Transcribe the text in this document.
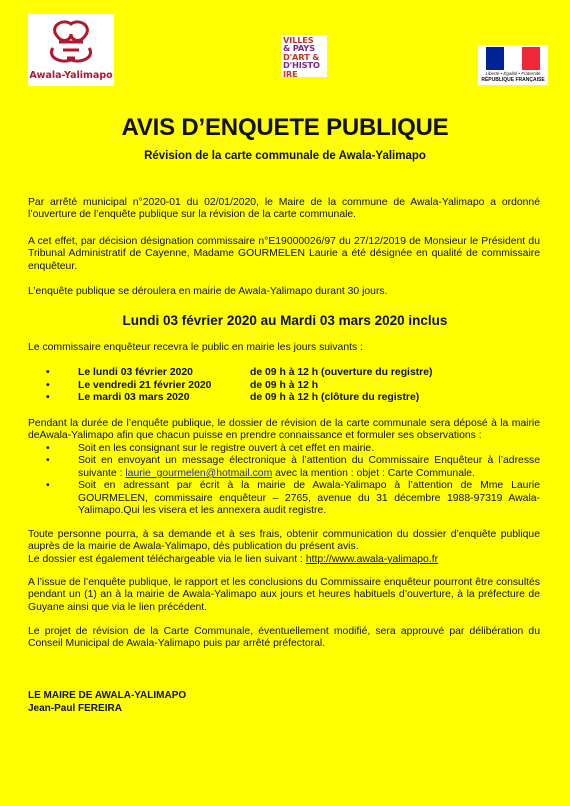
Awala-Yalimapo
VILLES
& PAYS
D'ART &
D'HISTO
IRE	Liberté • Égalité • Fraternité
RÉPUBLIQUE FRANÇAISE
AVIS D’ENQUETE PUBLIQUE
Révision de la carte communale de Awala-Yalimapo

Par arrêté municipal n°2020-01 du 02/01/2020, le Maire de la commune de Awala-Yalimapo a ordonné l’ouverture de l’enquête publique sur la révision de la carte communale.

A cet effet, par décision désignation commissaire n°E19000026/97 du 27/12/2019 de Monsieur le Président du Tribunal Administratif de Cayenne, Madame GOURMELEN Laurie a été désignée en qualité de commissaire enquêteur.

L’enquête publique se déroulera en mairie de Awala-Yalimapo durant 30 jours.

Lundi 03 février 2020 au Mardi 03 mars 2020 inclus

Le commissaire enquêteur recevra le public en mairie les jours suivants :

•	Le lundi 03 février 2020	de 09 h à 12 h (ouverture du registre)
•	Le vendredi 21 février 2020	de 09 h à 12 h
•	Le mardi 03 mars 2020	de 09 h à 12 h (clôture du registre)

Pendant la durée de l’enquête publique, le dossier de révision de la carte communale sera déposé à la mairie deAwala-Yalimapo afin que chacun puisse en prendre connaissance et formuler ses observations :

•	Soit en les consignant sur le registre ouvert à cet effet en mairie.
•	Soit en envoyant un message électronique à l’attention du Commissaire Enquêteur à l’adresse suivante : laurie_gourmelen@hotmail.com avec la mention : objet : Carte Communale.
•	Soit en adressant par écrit à la mairie de Awala-Yalimapo à l’attention de Mme Laurie GOURMELEN, commissaire enquêteur – 2765, avenue du 31 décembre 1988-97319 Awala-Yalimapo.Qui les visera et les annexera audit registre.

Toute personne pourra, à sa demande et à ses frais, obtenir communication du dossier d’enquête publique auprès de la mairie de Awala-Yalimapo, dès publication du présent avis.

Le dossier est également téléchargeable via le lien suivant : http://www.awala-yalimapo.fr

A l’issue de l’enquête publique, le rapport et les conclusions du Commissaire enquêteur pourront être consultés pendant un (1) an à la mairie de Awala-Yalimapo aux jours et heures habituels d’ouverture, à la préfecture de Guyane ainsi que via le lien précédent.

Le projet de révision de la Carte Communale, éventuellement modifié, sera approuvé par délibération du Conseil Municipal de Awala-Yalimapo puis par arrêté préfectoral.

LE MAIRE DE AWALA-YALIMAPO
Jean-Paul FEREIRA
